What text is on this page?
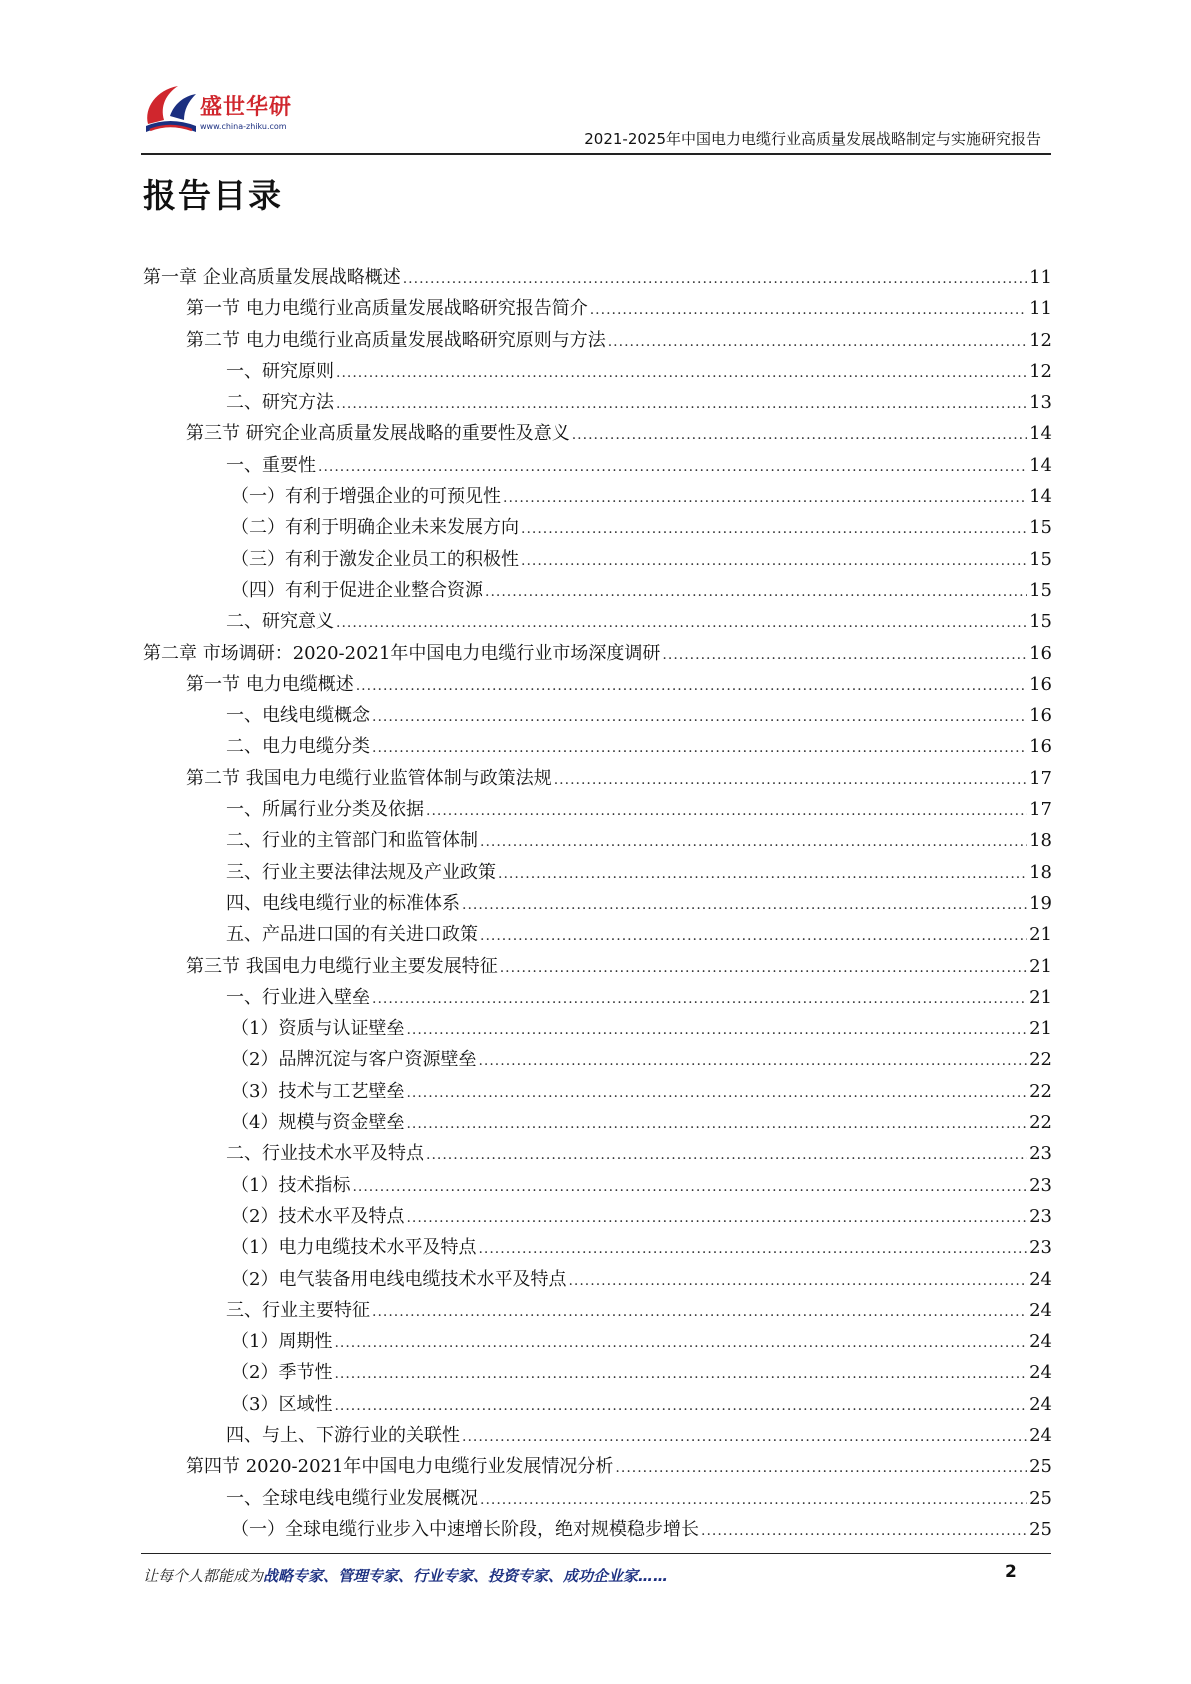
盛世华研
www.china-zhiku.com
2021-2025年中国电力电缆行业高质量发展战略制定与实施研究报告
报告目录
第一章 企业高质量发展战略概述 .....	11
第一节 电力电缆行业高质量发展战略研究报告简介 .....	11
第二节 电力电缆行业高质量发展战略研究原则与方法 .....	12
一、研究原则 .....	12
二、研究方法 .....	13
第三节 研究企业高质量发展战略的重要性及意义 .....	14
一、重要性 .....	14
（一）有利于增强企业的可预见性 .....	14
（二）有利于明确企业未来发展方向 .....	15
（三）有利于激发企业员工的积极性 .....	15
（四）有利于促进企业整合资源 .....	15
二、研究意义 .....	15
第二章 市场调研：2020-2021年中国电力电缆行业市场深度调研 .....	16
第一节 电力电缆概述 .....	16
一、电线电缆概念 .....	16
二、电力电缆分类 .....	16
第二节 我国电力电缆行业监管体制与政策法规 .....	17
一、所属行业分类及依据 .....	17
二、行业的主管部门和监管体制 .....	18
三、行业主要法律法规及产业政策 .....	18
四、电线电缆行业的标准体系 .....	19
五、产品进口国的有关进口政策 .....	21
第三节 我国电力电缆行业主要发展特征 .....	21
一、行业进入壁垒 .....	21
（1）资质与认证壁垒 .....	21
（2）品牌沉淀与客户资源壁垒 .....	22
（3）技术与工艺壁垒 .....	22
（4）规模与资金壁垒 .....	22
二、行业技术水平及特点 .....	23
（1）技术指标 .....	23
（2）技术水平及特点 .....	23
（1）电力电缆技术水平及特点 .....	23
（2）电气装备用电线电缆技术水平及特点 .....	24
三、行业主要特征 .....	24
（1）周期性 .....	24
（2）季节性 .....	24
（3）区域性 .....	24
四、与上、下游行业的关联性 .....	24
第四节 2020-2021年中国电力电缆行业发展情况分析 .....	25
一、全球电线电缆行业发展概况 .....	25
（一）全球电缆行业步入中速增长阶段，绝对规模稳步增长 .....	25
让每个人都能成为战略专家、管理专家、行业专家、投资专家、成功企业家……	2
